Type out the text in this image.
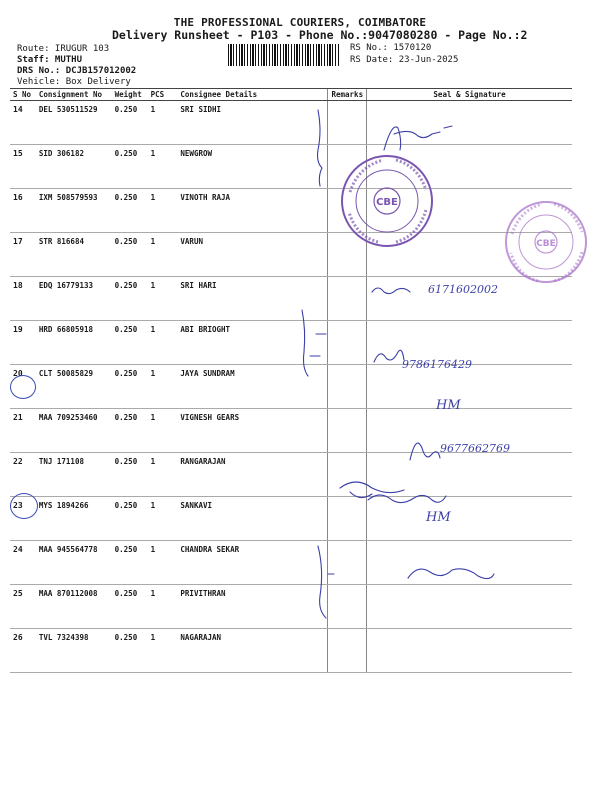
THE PROFESSIONAL COURIERS, COIMBATORE
Delivery Runsheet - P103 - Phone No.:9047080280 - Page No.:2
Route: IRUGUR 103
Staff: MUTHU
DRS No.: DCJB157012002
Vehicle: Box Delivery
RS No.: 1570120
RS Date: 23-Jun-2025
S No	Consignment No	Weight	PCS	Consignee Details	Remarks	Seal & Signature
14	DEL 530511529	0.250	1	SRI SIDHI		
15	SID 306182	0.250	1	NEWGROW		
16	IXM 508579593	0.250	1	VINOTH RAJA		
17	STR 816684	0.250	1	VARUN		
18	EDQ 16779133	0.250	1	SRI HARI		
19	HRD 66805918	0.250	1	ABI BRIOGHT		
20	CLT 50085829	0.250	1	JAYA SUNDRAM		
21	MAA 709253460	0.250	1	VIGNESH GEARS		
22	TNJ 171108	0.250	1	RANGARAJAN		
23	MYS 1894266	0.250	1	SANKAVI		
24	MAA 945564778	0.250	1	CHANDRA SEKAR		
25	MAA 870112008	0.250	1	PRIVITHRAN		
26	TVL 7324398	0.250	1	NAGARAJAN		
CBE
CBE
6171602002
9786176429
HM
9677662769
HM
